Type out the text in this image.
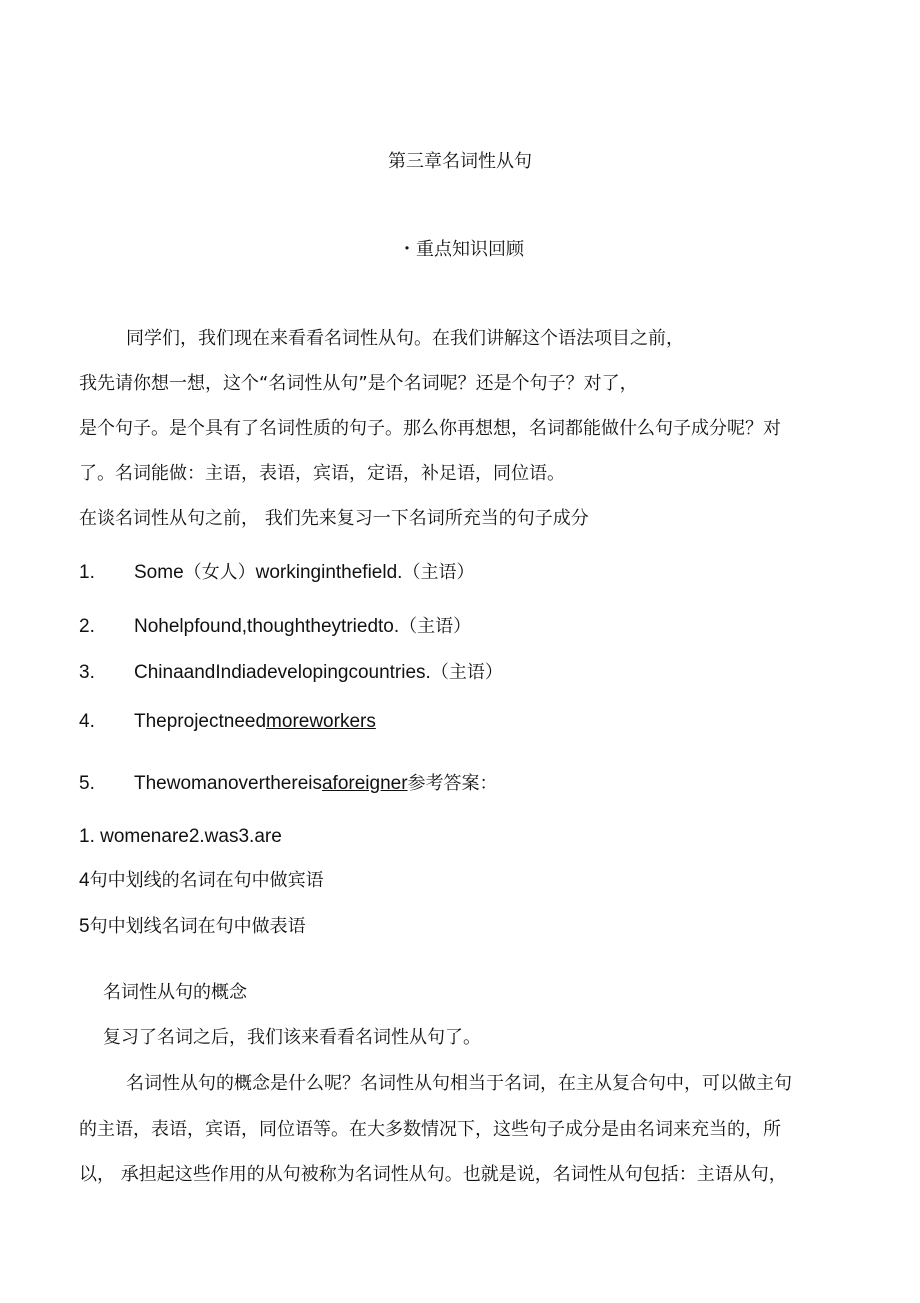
第三章名词性从句
・重点知识回顾
同学们，我们现在来看看名词性从句。在我们讲解这个语法项目之前，
我先请你想一想，这个“名词性从句”是个名词呢？还是个句子？对了，
是个句子。是个具有了名词性质的句子。那么你再想想，名词都能做什么句子成分呢？对
了。名词能做：主语，表语，宾语，定语，补足语，同位语。
在谈名词性从句之前， 我们先来复习一下名词所充当的句子成分
1. Some（女人）workinginthefield.（主语）
2. Nohelpfound,thoughtheytriedto.（主语）
3. ChinaandIndiadevelopingcountries.（主语）
4. Theprojectneedmoreworkers
5. Thewomanoverthereisaforeigner参考答案：
1. womenare2.was3.are
4句中划线的名词在句中做宾语
5句中划线名词在句中做表语
名词性从句的概念
复习了名词之后，我们该来看看名词性从句了。
名词性从句的概念是什么呢？名词性从句相当于名词，在主从复合句中，可以做主句
的主语，表语，宾语，同位语等。在大多数情况下，这些句子成分是由名词来充当的，所
以， 承担起这些作用的从句被称为名词性从句。也就是说，名词性从句包括：主语从句，
